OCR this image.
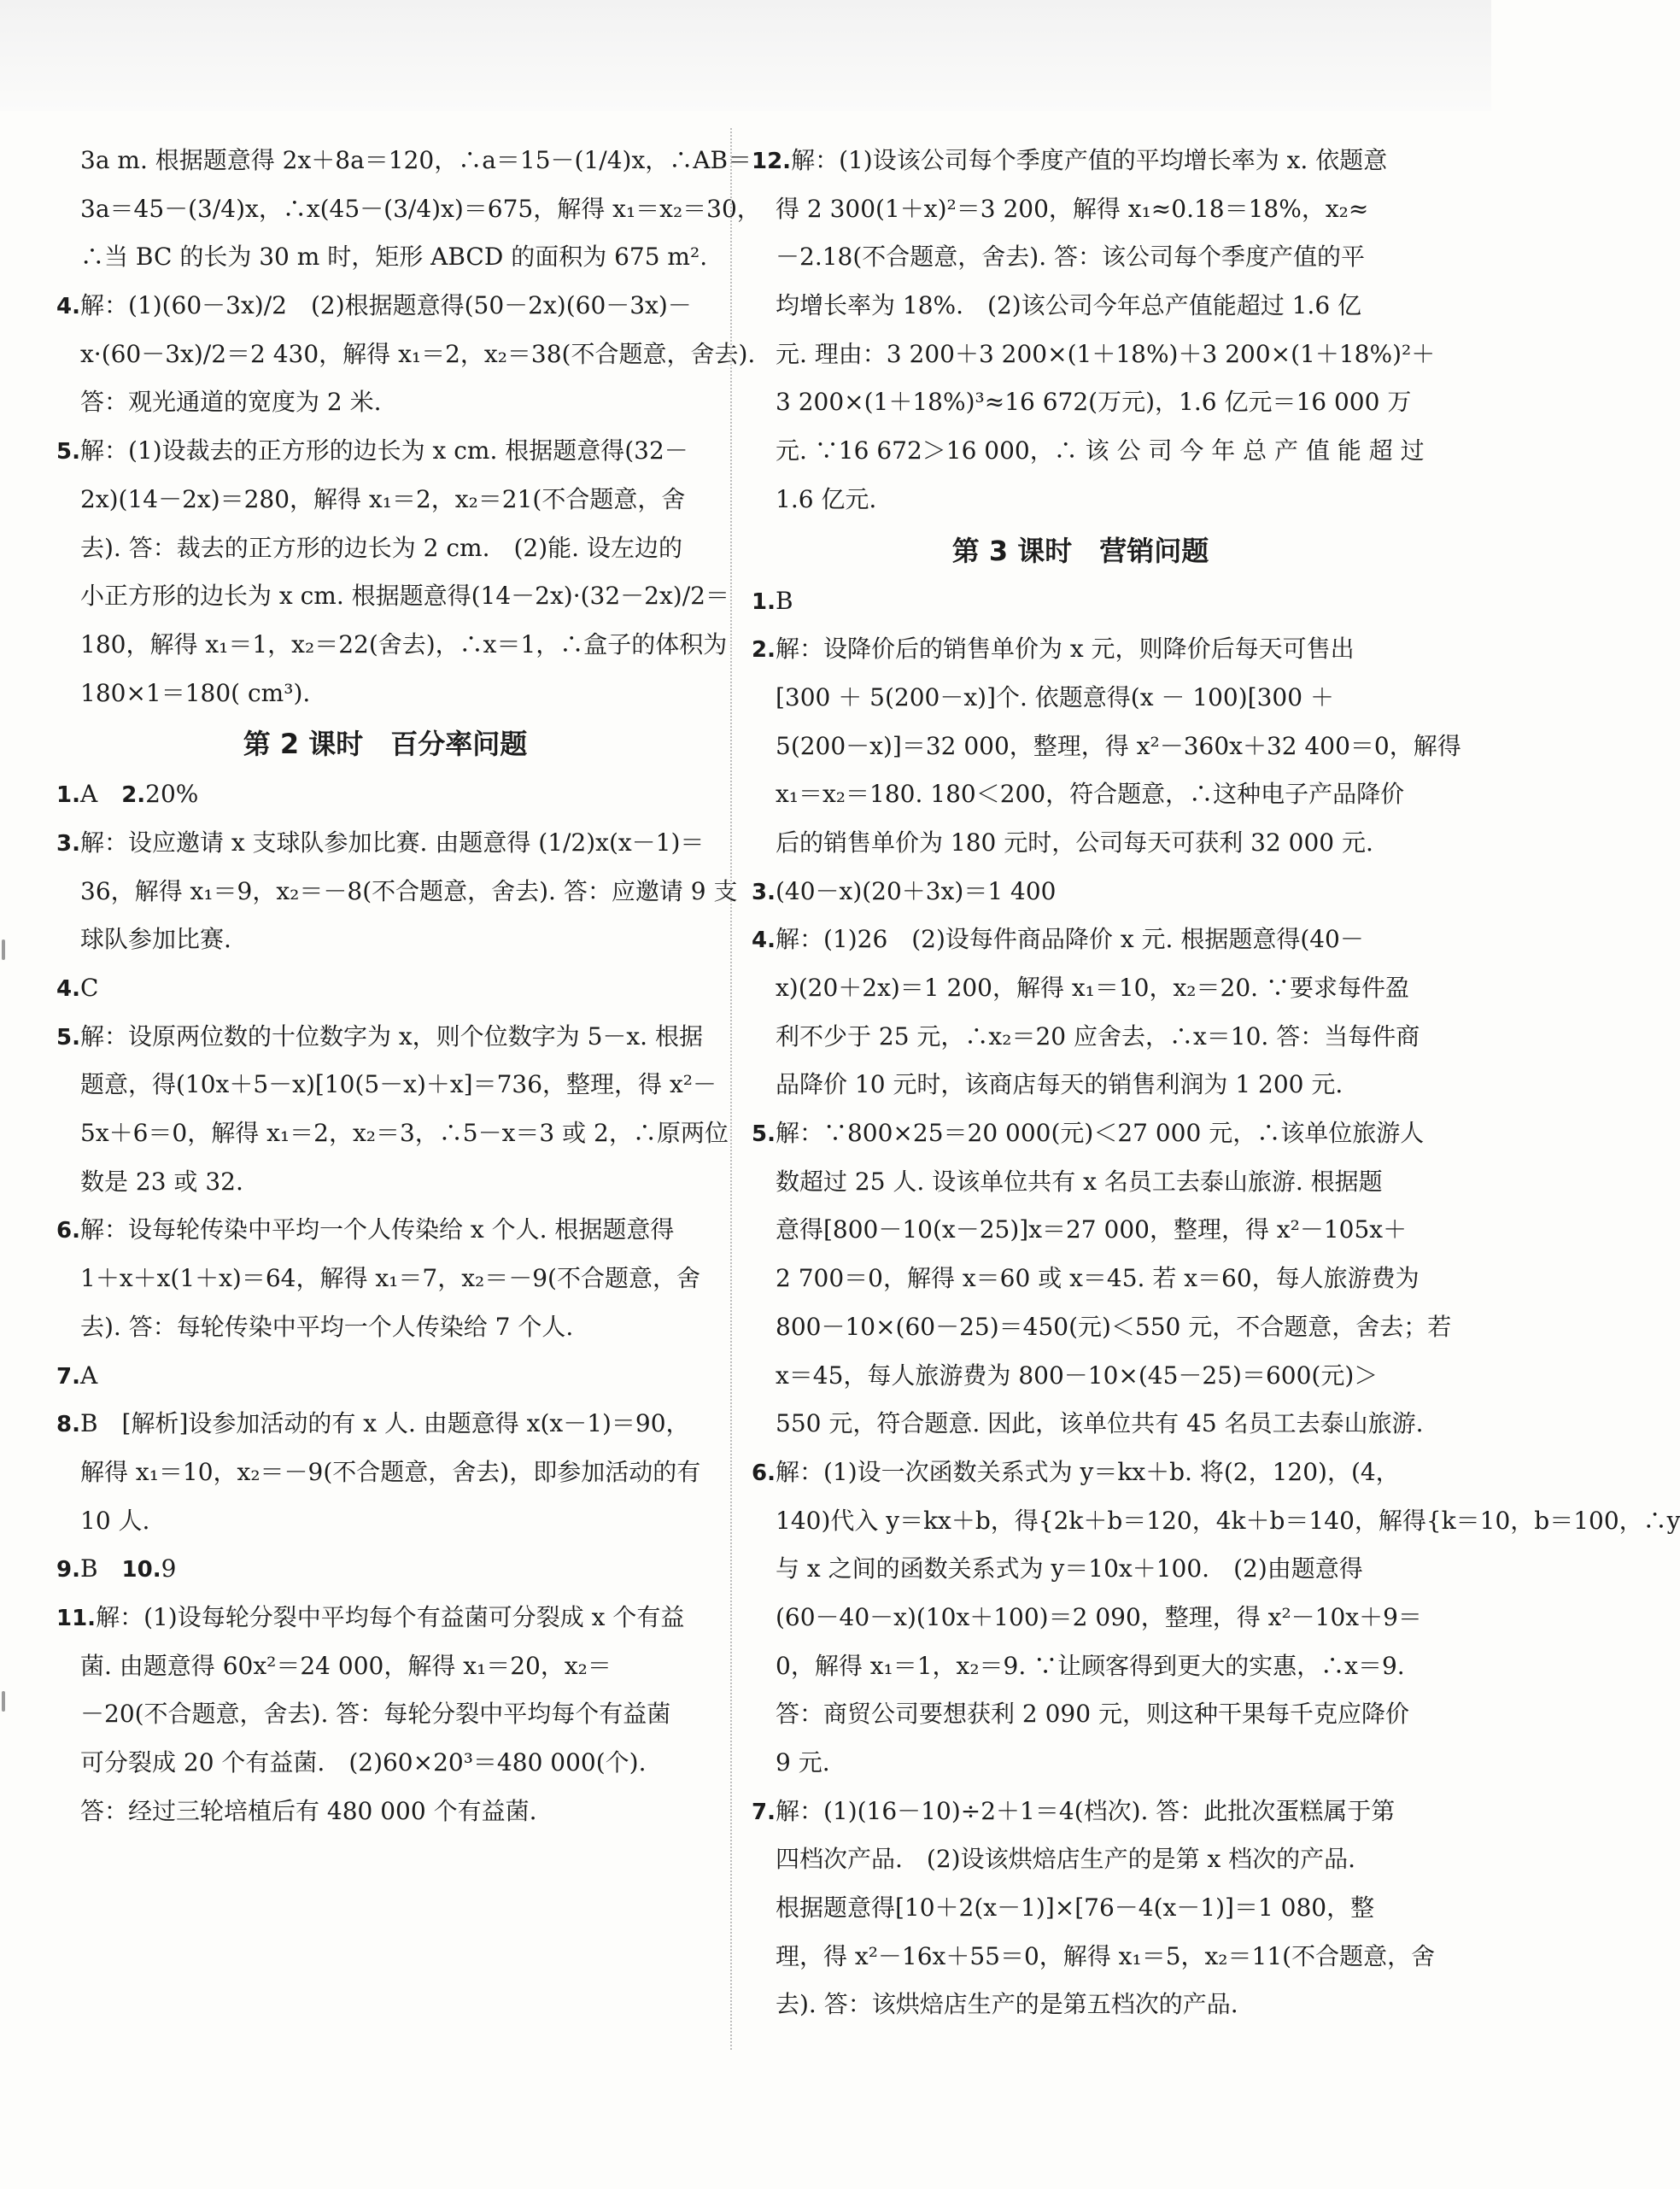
3a m. 根据题意得 2x＋8a＝120，∴a＝15－(1/4)x，∴AB＝
3a＝45－(3/4)x，∴x(45－(3/4)x)＝675，解得 x₁＝x₂＝30，
∴当 BC 的长为 30 m 时，矩形 ABCD 的面积为 675 m².
4.解：(1)(60－3x)/2　(2)根据题意得(50－2x)(60－3x)－
x·(60－3x)/2＝2 430，解得 x₁＝2，x₂＝38(不合题意，舍去).
答：观光通道的宽度为 2 米.
5.解：(1)设裁去的正方形的边长为 x cm. 根据题意得(32－
2x)(14－2x)＝280，解得 x₁＝2，x₂＝21(不合题意，舍
去). 答：裁去的正方形的边长为 2 cm.　(2)能. 设左边的
小正方形的边长为 x cm. 根据题意得(14－2x)·(32－2x)/2＝
180，解得 x₁＝1，x₂＝22(舍去)，∴x＝1，∴盒子的体积为
180×1＝180( cm³).
第 2 课时　百分率问题
1.A　2.20%
3.解：设应邀请 x 支球队参加比赛. 由题意得 (1/2)x(x－1)＝
36，解得 x₁＝9，x₂＝－8(不合题意，舍去). 答：应邀请 9 支
球队参加比赛.
4.C
5.解：设原两位数的十位数字为 x，则个位数字为 5－x. 根据
题意，得(10x＋5－x)[10(5－x)＋x]＝736，整理，得 x²－
5x＋6＝0，解得 x₁＝2，x₂＝3，∴5－x＝3 或 2，∴原两位
数是 23 或 32.
6.解：设每轮传染中平均一个人传染给 x 个人. 根据题意得
1＋x＋x(1＋x)＝64，解得 x₁＝7，x₂＝－9(不合题意，舍
去). 答：每轮传染中平均一个人传染给 7 个人.
7.A
8.B　[解析]设参加活动的有 x 人. 由题意得 x(x－1)＝90，
解得 x₁＝10，x₂＝－9(不合题意，舍去)，即参加活动的有
10 人.
9.B　10.9
11.解：(1)设每轮分裂中平均每个有益菌可分裂成 x 个有益
菌. 由题意得 60x²＝24 000，解得 x₁＝20，x₂＝
－20(不合题意，舍去). 答：每轮分裂中平均每个有益菌
可分裂成 20 个有益菌.　(2)60×20³＝480 000(个).
答：经过三轮培植后有 480 000 个有益菌.
12.解：(1)设该公司每个季度产值的平均增长率为 x. 依题意
得 2 300(1＋x)²＝3 200，解得 x₁≈0.18＝18%，x₂≈
－2.18(不合题意，舍去). 答：该公司每个季度产值的平
均增长率为 18%.　(2)该公司今年总产值能超过 1.6 亿
元. 理由：3 200＋3 200×(1＋18%)＋3 200×(1＋18%)²＋
3 200×(1＋18%)³≈16 672(万元)，1.6 亿元＝16 000 万
元. ∵16 672＞16 000，∴ 该 公 司 今 年 总 产 值 能 超 过
1.6 亿元.
第 3 课时　营销问题
1.B
2.解：设降价后的销售单价为 x 元，则降价后每天可售出
[300 ＋ 5(200－x)]个. 依题意得(x － 100)[300 ＋
5(200－x)]＝32 000，整理，得 x²－360x＋32 400＝0，解得
x₁＝x₂＝180. 180＜200，符合题意，∴这种电子产品降价
后的销售单价为 180 元时，公司每天可获利 32 000 元.
3.(40－x)(20＋3x)＝1 400
4.解：(1)26　(2)设每件商品降价 x 元. 根据题意得(40－
x)(20＋2x)＝1 200，解得 x₁＝10，x₂＝20. ∵要求每件盈
利不少于 25 元，∴x₂＝20 应舍去，∴x＝10. 答：当每件商
品降价 10 元时，该商店每天的销售利润为 1 200 元.
5.解：∵800×25＝20 000(元)＜27 000 元，∴该单位旅游人
数超过 25 人. 设该单位共有 x 名员工去泰山旅游. 根据题
意得[800－10(x－25)]x＝27 000，整理，得 x²－105x＋
2 700＝0，解得 x＝60 或 x＝45. 若 x＝60，每人旅游费为
800－10×(60－25)＝450(元)＜550 元，不合题意，舍去；若
x＝45，每人旅游费为 800－10×(45－25)＝600(元)＞
550 元，符合题意. 因此，该单位共有 45 名员工去泰山旅游.
6.解：(1)设一次函数关系式为 y＝kx＋b. 将(2，120)，(4，
140)代入 y＝kx＋b，得{2k＋b＝120，4k＋b＝140，解得{k＝10，b＝100，∴y
与 x 之间的函数关系式为 y＝10x＋100.　(2)由题意得
(60－40－x)(10x＋100)＝2 090，整理，得 x²－10x＋9＝
0，解得 x₁＝1，x₂＝9. ∵让顾客得到更大的实惠，∴x＝9.
答：商贸公司要想获利 2 090 元，则这种干果每千克应降价
9 元.
7.解：(1)(16－10)÷2＋1＝4(档次). 答：此批次蛋糕属于第
四档次产品.　(2)设该烘焙店生产的是第 x 档次的产品.
根据题意得[10＋2(x－1)]×[76－4(x－1)]＝1 080，整
理，得 x²－16x＋55＝0，解得 x₁＝5，x₂＝11(不合题意，舍
去). 答：该烘焙店生产的是第五档次的产品.
